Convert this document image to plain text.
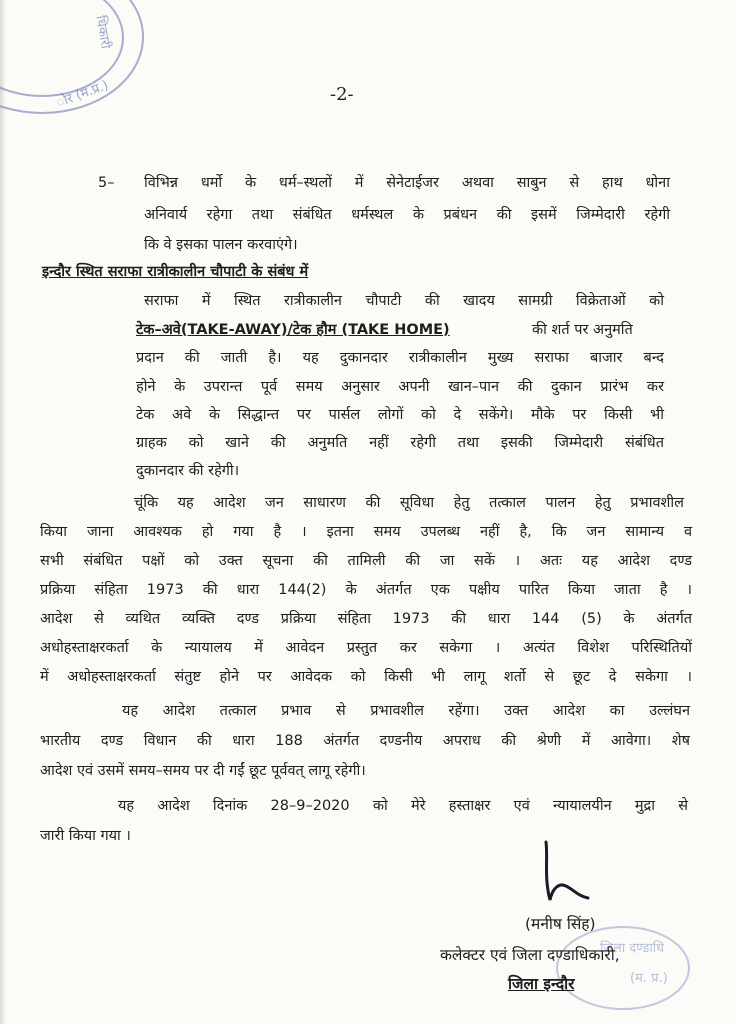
धिकारी
ोर (म.प्र.)	-2-
5– विभिन्न धर्मो के धर्म–स्थलों में सेनेटाईजर अथवा साबुन से हाथ धोना
अनिवार्य रहेगा तथा संबंधित धर्मस्थल के प्रबंधन की इसमें जिम्मेदारी रहेगी
कि वे इसका पालन करवाएंगे।
इन्दौर स्थित सराफा रात्रीकालीन चौपाटी के संबंध में
सराफा में स्थित रात्रीकालीन चौपाटी की खादय सामग्री विक्रेताओं को
टेक–अवे(TAKE-AWAY)/टेक हौम (TAKE HOME)	की शर्त पर अनुमति
प्रदान की जाती है। यह दुकानदार रात्रीकालीन मुख्य सराफा बाजार बन्द
होने के उपरान्त पूर्व समय अनुसार अपनी खान–पान की दुकान प्रारंभ कर
टेक अवे के सिद्धान्त पर पार्सल लोगों को दे सकेंगे। मौके पर किसी भी
ग्राहक को खाने की अनुमति नहीं रहेगी तथा इसकी जिम्मेदारी संबंधित
दुकानदार की रहेगी।
चूंकि यह आदेश जन साधारण की सूविधा हेतु तत्काल पालन हेतु प्रभावशील
किया जाना आवश्यक हो गया है । इतना समय उपलब्ध नहीं है, कि जन सामान्य व
सभी संबंधित पक्षों को उक्त सूचना की तामिली की जा सकें । अतः यह आदेश दण्ड
प्रक्रिया संहिता 1973 की धारा 144(2) के अंतर्गत एक पक्षीय पारित किया जाता है ।
आदेश से व्यथित व्यक्ति दण्ड प्रक्रिया संहिता 1973 की धारा 144 (5) के अंतर्गत
अधोहस्ताक्षरकर्ता के न्यायालय में आवेदन प्रस्तुत कर सकेगा । अत्यंत विशेश परिस्थितियों
में अधोहस्ताक्षरकर्ता संतुष्ट होने पर आवेदक को किसी भी लागू शर्तो से छूट दे सकेगा ।
यह आदेश तत्काल प्रभाव से प्रभावशील रहेंगा। उक्त आदेश का उल्लंघन
भारतीय दण्ड विधान की धारा 188 अंतर्गत दण्डनीय अपराध की श्रेणी में आवेगा। शेष
आदेश एवं उसमें समय–समय पर दी गईं छूट पूर्ववत् लागू रहेगी।
यह आदेश दिनांक 28–9–2020 को मेरे हस्ताक्षर एवं न्यायालयीन मुद्रा से
जारी किया गया ।
जिला दण्डाधि
(म. प्र.)
(मनीष सिंह)
कलेक्टर एवं जिला दण्डाधिकारी,
जिला इन्दौर
